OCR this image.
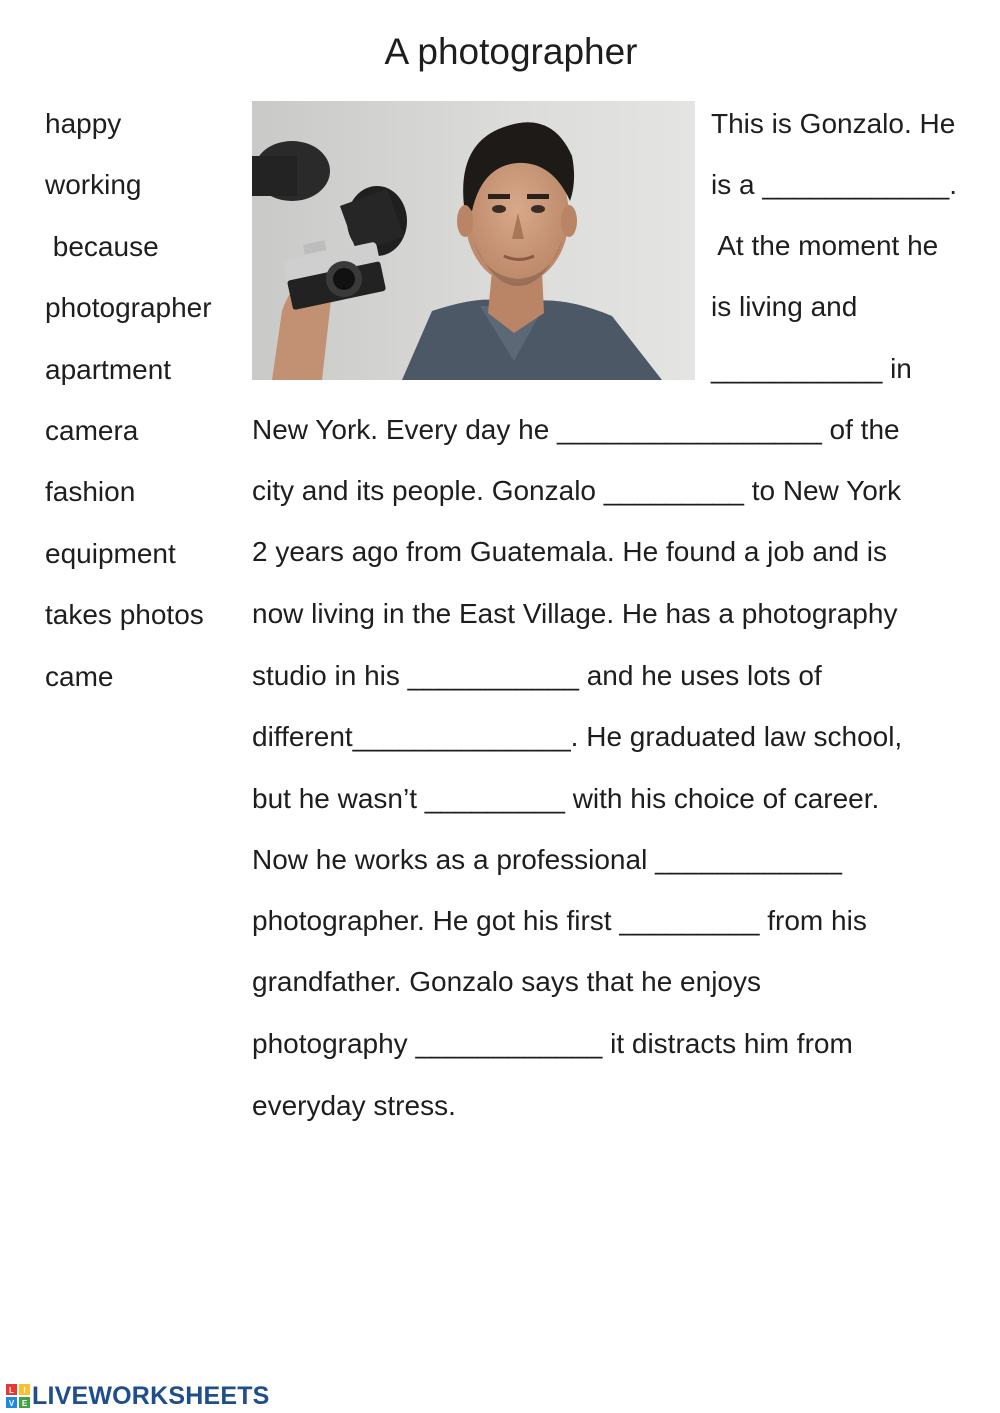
A photographer
happy
working
because
photographer
apartment
camera
fashion
equipment
takes photos
came
This is Gonzalo. He
is a ____________.
At the moment he
is living and
___________ in
New York. Every day he _________________ of the
city and its people. Gonzalo _________ to New York
2 years ago from Guatemala. He found a job and is
now living in the East Village. He has a photography
studio in his ___________ and he uses lots of
different______________. He graduated law school,
but he wasn’t _________ with his choice of career.
Now he works as a professional ____________
photographer. He got his first _________ from his
grandfather. Gonzalo says that he enjoys
photography ____________ it distracts him from
everyday stress.
L I
V E LIVEWORKSHEETS
